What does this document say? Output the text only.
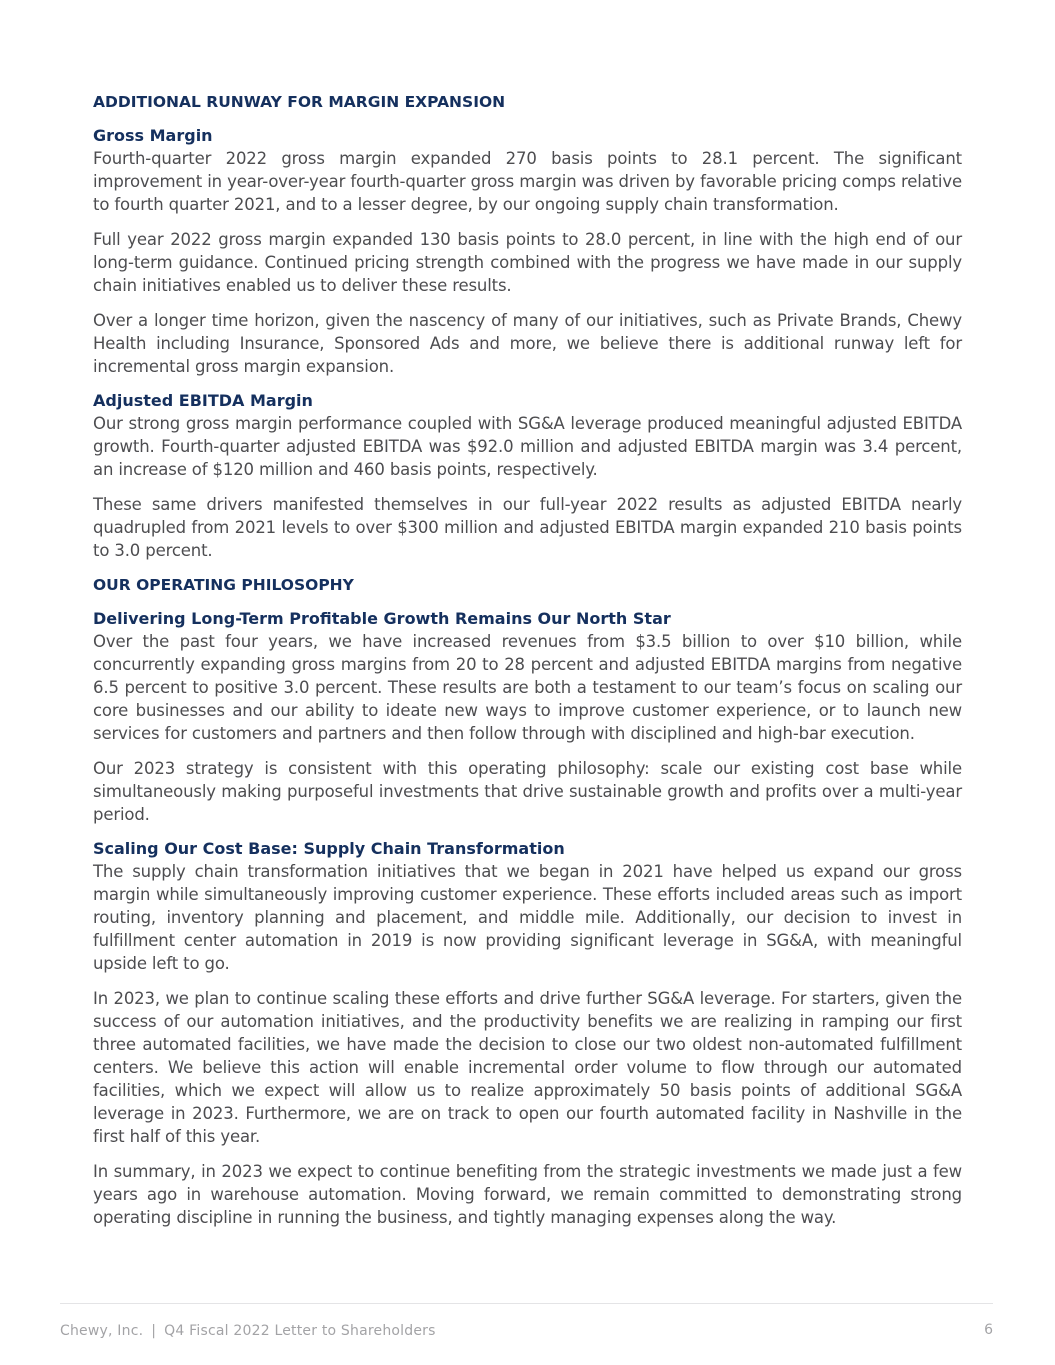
ADDITIONAL RUNWAY FOR MARGIN EXPANSION
Gross Margin

Fourth-quarter 2022 gross margin expanded 270 basis points to 28.1 percent. The significant improvement in year-over-year fourth-quarter gross margin was driven by favorable pricing comps relative to fourth quarter 2021, and to a lesser degree, by our ongoing supply chain transformation.

Full year 2022 gross margin expanded 130 basis points to 28.0 percent, in line with the high end of our long-term guidance. Continued pricing strength combined with the progress we have made in our supply chain initiatives enabled us to deliver these results.

Over a longer time horizon, given the nascency of many of our initiatives, such as Private Brands, Chewy Health including Insurance, Sponsored Ads and more, we believe there is additional runway left for incremental gross margin expansion.

Adjusted EBITDA Margin

Our strong gross margin performance coupled with SG&A leverage produced meaningful adjusted EBITDA growth. Fourth-quarter adjusted EBITDA was $92.0 million and adjusted EBITDA margin was 3.4 percent, an increase of $120 million and 460 basis points, respectively.

These same drivers manifested themselves in our full-year 2022 results as adjusted EBITDA nearly quadrupled from 2021 levels to over $300 million and adjusted EBITDA margin expanded 210 basis points to 3.0 percent.

OUR OPERATING PHILOSOPHY
Delivering Long-Term Profitable Growth Remains Our North Star

Over the past four years, we have increased revenues from $3.5 billion to over $10 billion, while concurrently expanding gross margins from 20 to 28 percent and adjusted EBITDA margins from negative 6.5 percent to positive 3.0 percent. These results are both a testament to our team’s focus on scaling our core businesses and our ability to ideate new ways to improve customer experience, or to launch new services for customers and partners and then follow through with disciplined and high-bar execution.

Our 2023 strategy is consistent with this operating philosophy: scale our existing cost base while simultaneously making purposeful investments that drive sustainable growth and profits over a multi-year period.

Scaling Our Cost Base: Supply Chain Transformation

The supply chain transformation initiatives that we began in 2021 have helped us expand our gross margin while simultaneously improving customer experience. These efforts included areas such as import routing, inventory planning and placement, and middle mile. Additionally, our decision to invest in fulfillment center automation in 2019 is now providing significant leverage in SG&A, with meaningful upside left to go.

In 2023, we plan to continue scaling these efforts and drive further SG&A leverage. For starters, given the success of our automation initiatives, and the productivity benefits we are realizing in ramping our first three automated facilities, we have made the decision to close our two oldest non-automated fulfillment centers. We believe this action will enable incremental order volume to flow through our automated facilities, which we expect will allow us to realize approximately 50 basis points of additional SG&A leverage in 2023. Furthermore, we are on track to open our fourth automated facility in Nashville in the first half of this year.

In summary, in 2023 we expect to continue benefiting from the strategic investments we made just a few years ago in warehouse automation. Moving forward, we remain committed to demonstrating strong operating discipline in running the business, and tightly managing expenses along the way.

Chewy, Inc. | Q4 Fiscal 2022 Letter to Shareholders	6
